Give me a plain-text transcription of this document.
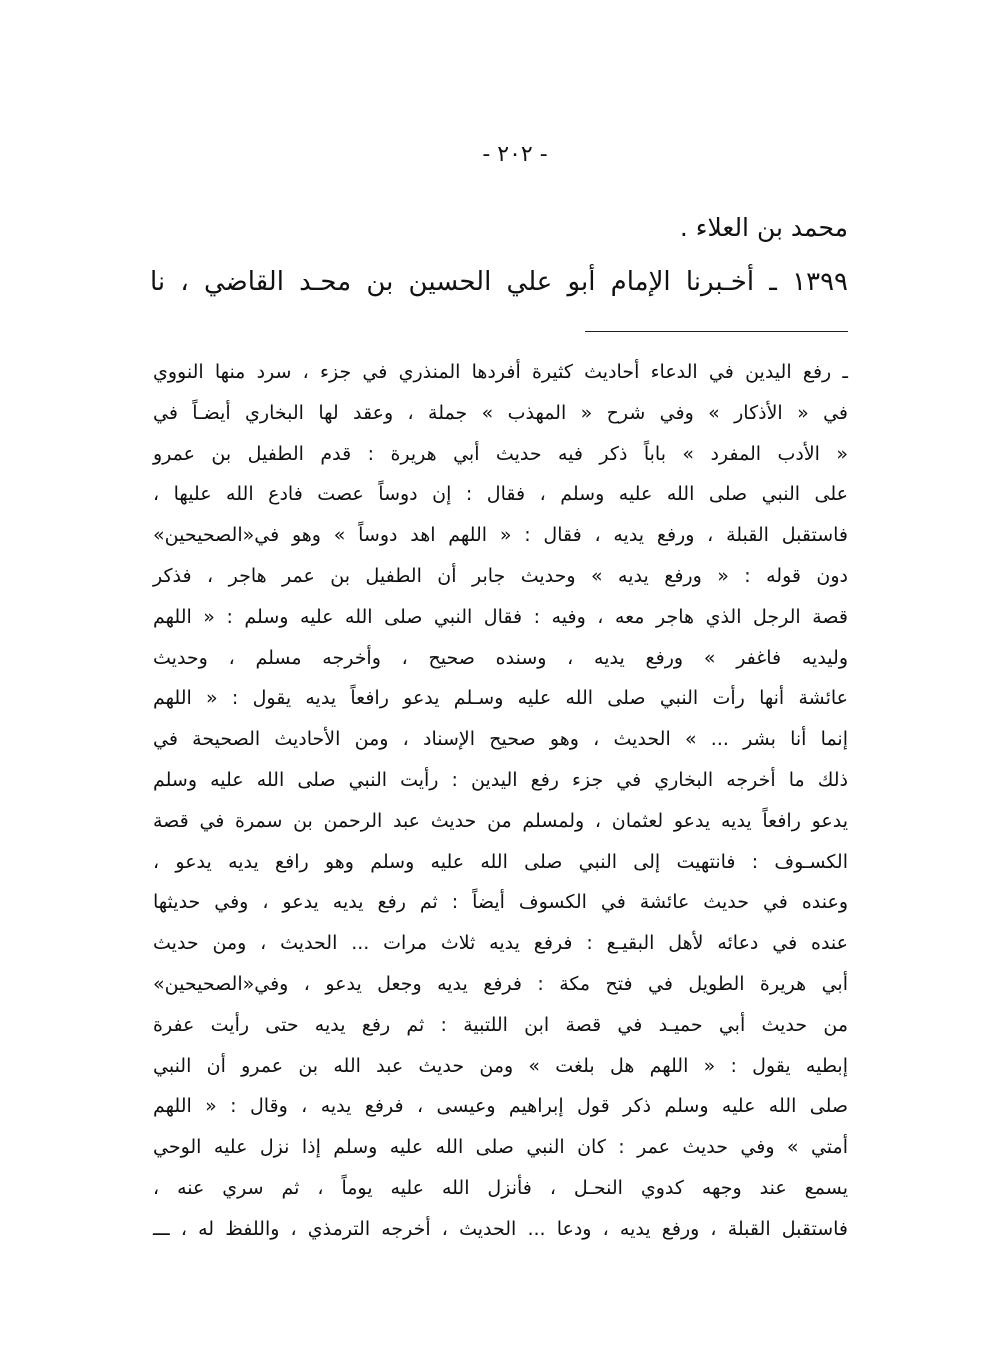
- ٢٠٢ -
محمد بن العلاء .
١٣٩٩ ـ أخـبرنا الإمام أبو علي الحسين بن محـد القاضي ، نا
ـ رفع اليدين في الدعاء أحاديث كثيرة أفردها المنذري في جزء ، سرد منها النووي
في « الأذكار » وفي شرح « المهذب » جملة ، وعقد لها البخاري أيضـاً في
« الأدب المفرد » باباً ذكر فيه حديث أبي هريرة : قدم الطفيل بن عمرو
على النبي صلى الله عليه وسلم ، فقال : إن دوساً عصت فادع الله عليها ،
فاستقبل القبلة ، ورفع يديه ، فقال : « اللهم اهد دوساً » وهو في«الصحيحين»
دون قوله : « ورفع يديه » وحديث جابر أن الطفيل بن عمر هاجر ، فذكر
قصة الرجل الذي هاجر معه ، وفيه : فقال النبي صلى الله عليه وسلم : « اللهم
وليديه فاغفر » ورفع يديه ، وسنده صحيح ، وأخرجه مسلم ، وحديث
عائشة أنها رأت النبي صلى الله عليه وسـلم يدعو رافعاً يديه يقول : « اللهم
إنما أنا بشر ... » الحديث ، وهو صحيح الإسناد ، ومن الأحاديث الصحيحة في
ذلك ما أخرجه البخاري في جزء رفع اليدين : رأيت النبي صلى الله عليه وسلم
يدعو رافعاً يديه يدعو لعثمان ، ولمسلم من حديث عبد الرحمن بن سمرة في قصة
الكسـوف : فانتهيت إلى النبي صلى الله عليه وسلم وهو رافع يديه يدعو ،
وعنده في حديث عائشة في الكسوف أيضاً : ثم رفع يديه يدعو ، وفي حديثها
عنده في دعائه لأهل البقيـع : فرفع يديه ثلاث مرات ... الحديث ، ومن حديث
أبي هريرة الطويل في فتح مكة : فرفع يديه وجعل يدعو ، وفي«الصحيحين»
من حديث أبي حميـد في قصة ابن اللتبية : ثم رفع يديه حتى رأيت عفرة
إبطيه يقول : « اللهم هل بلغت » ومن حديث عبد الله بن عمرو أن النبي
صلى الله عليه وسلم ذكر قول إبراهيم وعيسى ، فرفع يديه ، وقال : « اللهم
أمتي » وفي حديث عمر : كان النبي صلى الله عليه وسلم إذا نزل عليه الوحي
يسمع عند وجهه كدوي النحـل ، فأنزل الله عليه يوماً ، ثم سري عنه ،
فاستقبل القبلة ، ورفع يديه ، ودعا ... الحديث ، أخرجه الترمذي ، واللفظ له ، ـــ
